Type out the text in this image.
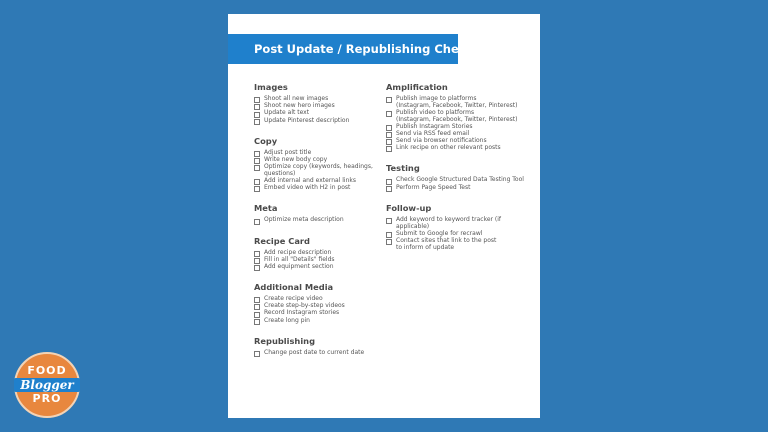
Post Update / Republishing Checklist
Images
Shoot all new images
Shoot new hero images
Update alt text
Update Pinterest description
Copy
Adjust post title
Write new body copy
Optimize copy (keywords, headings,
questions)
Add internal and external links
Embed video with H2 in post
Meta
Optimize meta description
Recipe Card
Add recipe description
Fill in all "Details" fields
Add equipment section
Additional Media
Create recipe video
Create step-by-step videos
Record Instagram stories
Create long pin
Republishing
Change post date to current date
Amplification
Publish image to platforms
(Instagram, Facebook, Twitter, Pinterest)
Publish video to platforms
(Instagram, Facebook, Twitter, Pinterest)
Publish Instagram Stories
Send via RSS feed email
Send via browser notifications
Link recipe on other relevant posts
Testing
Check Google Structured Data Testing Tool
Perform Page Speed Test
Follow-up
Add keyword to keyword tracker (if applicable)
Submit to Google for recrawl
Contact sites that link to the post
to inform of update
FOOD
Blogger
PRO
